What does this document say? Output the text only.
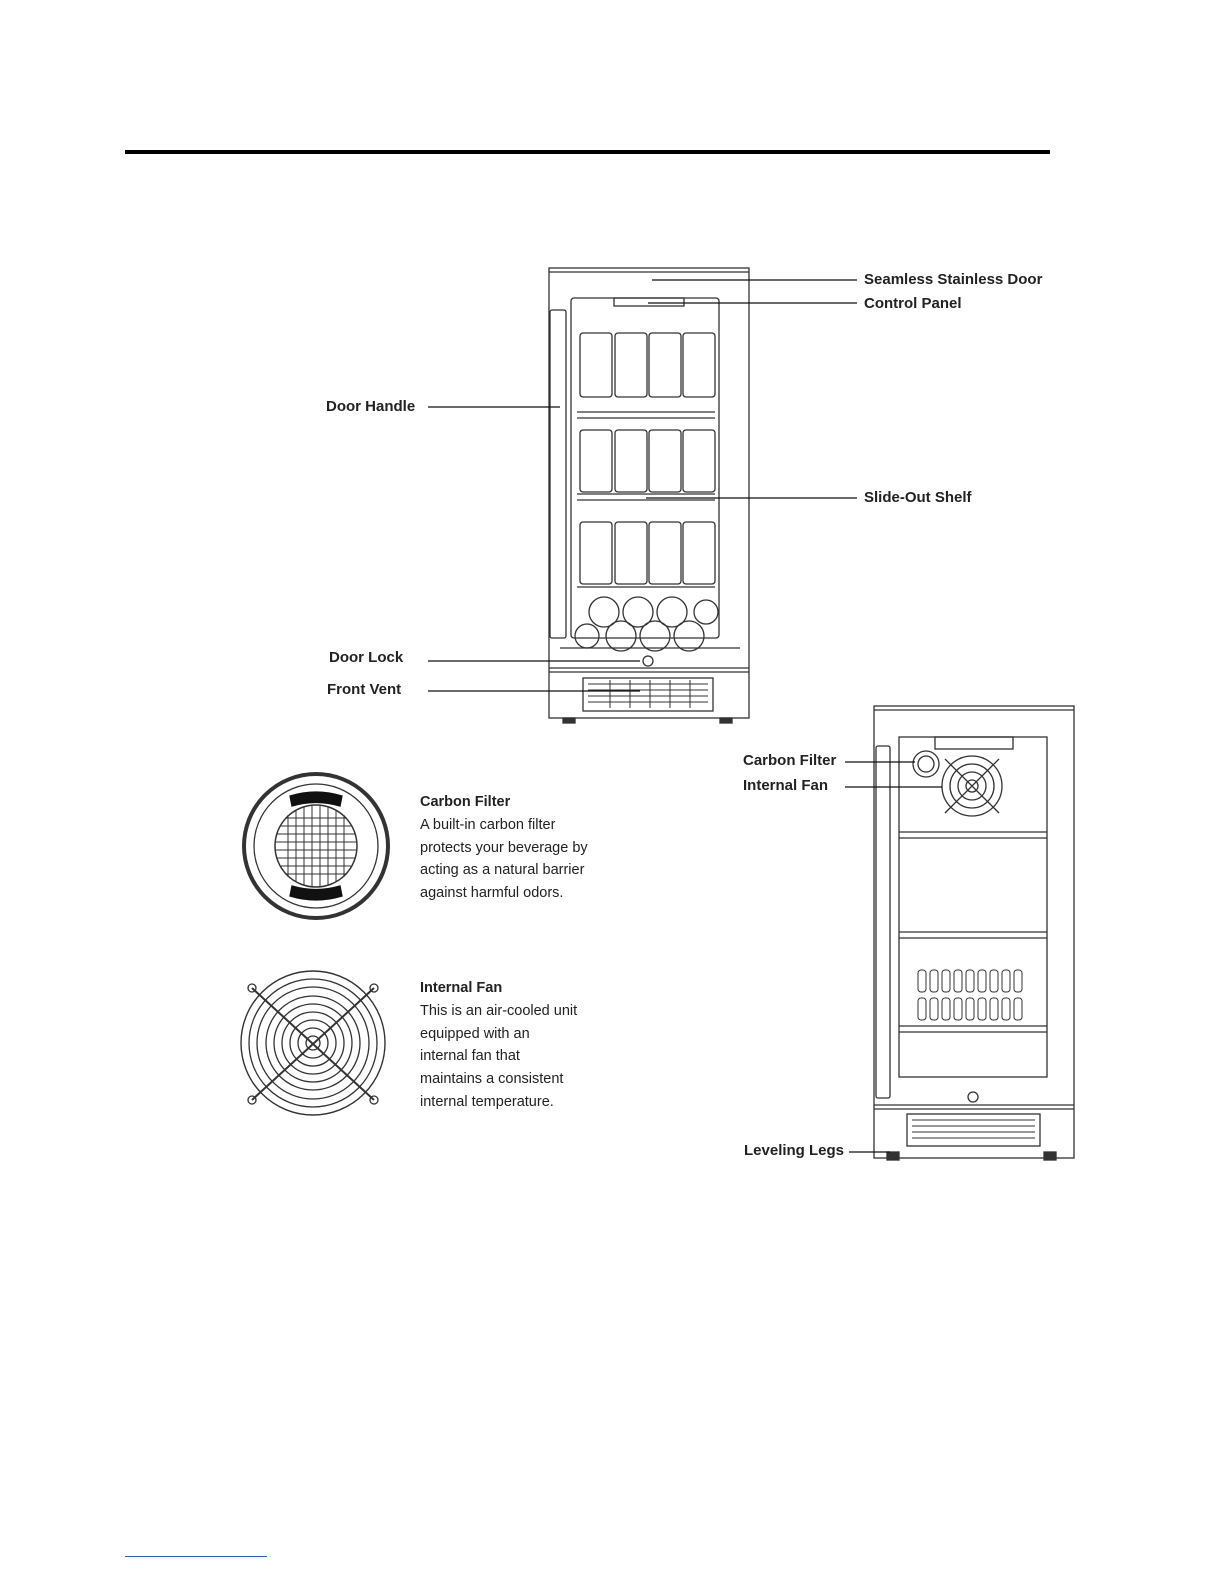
Seamless Stainless Door
Control Panel
Door Handle
Slide-Out Shelf
Door Lock
Front Vent
Carbon Filter
Internal Fan
Leveling Legs
Carbon Filter
A built-in carbon filter
protects your beverage by
acting as a natural barrier
against harmful odors.
Internal Fan
This is an air-cooled unit
equipped with an
internal fan that
maintains a consistent
internal temperature.
